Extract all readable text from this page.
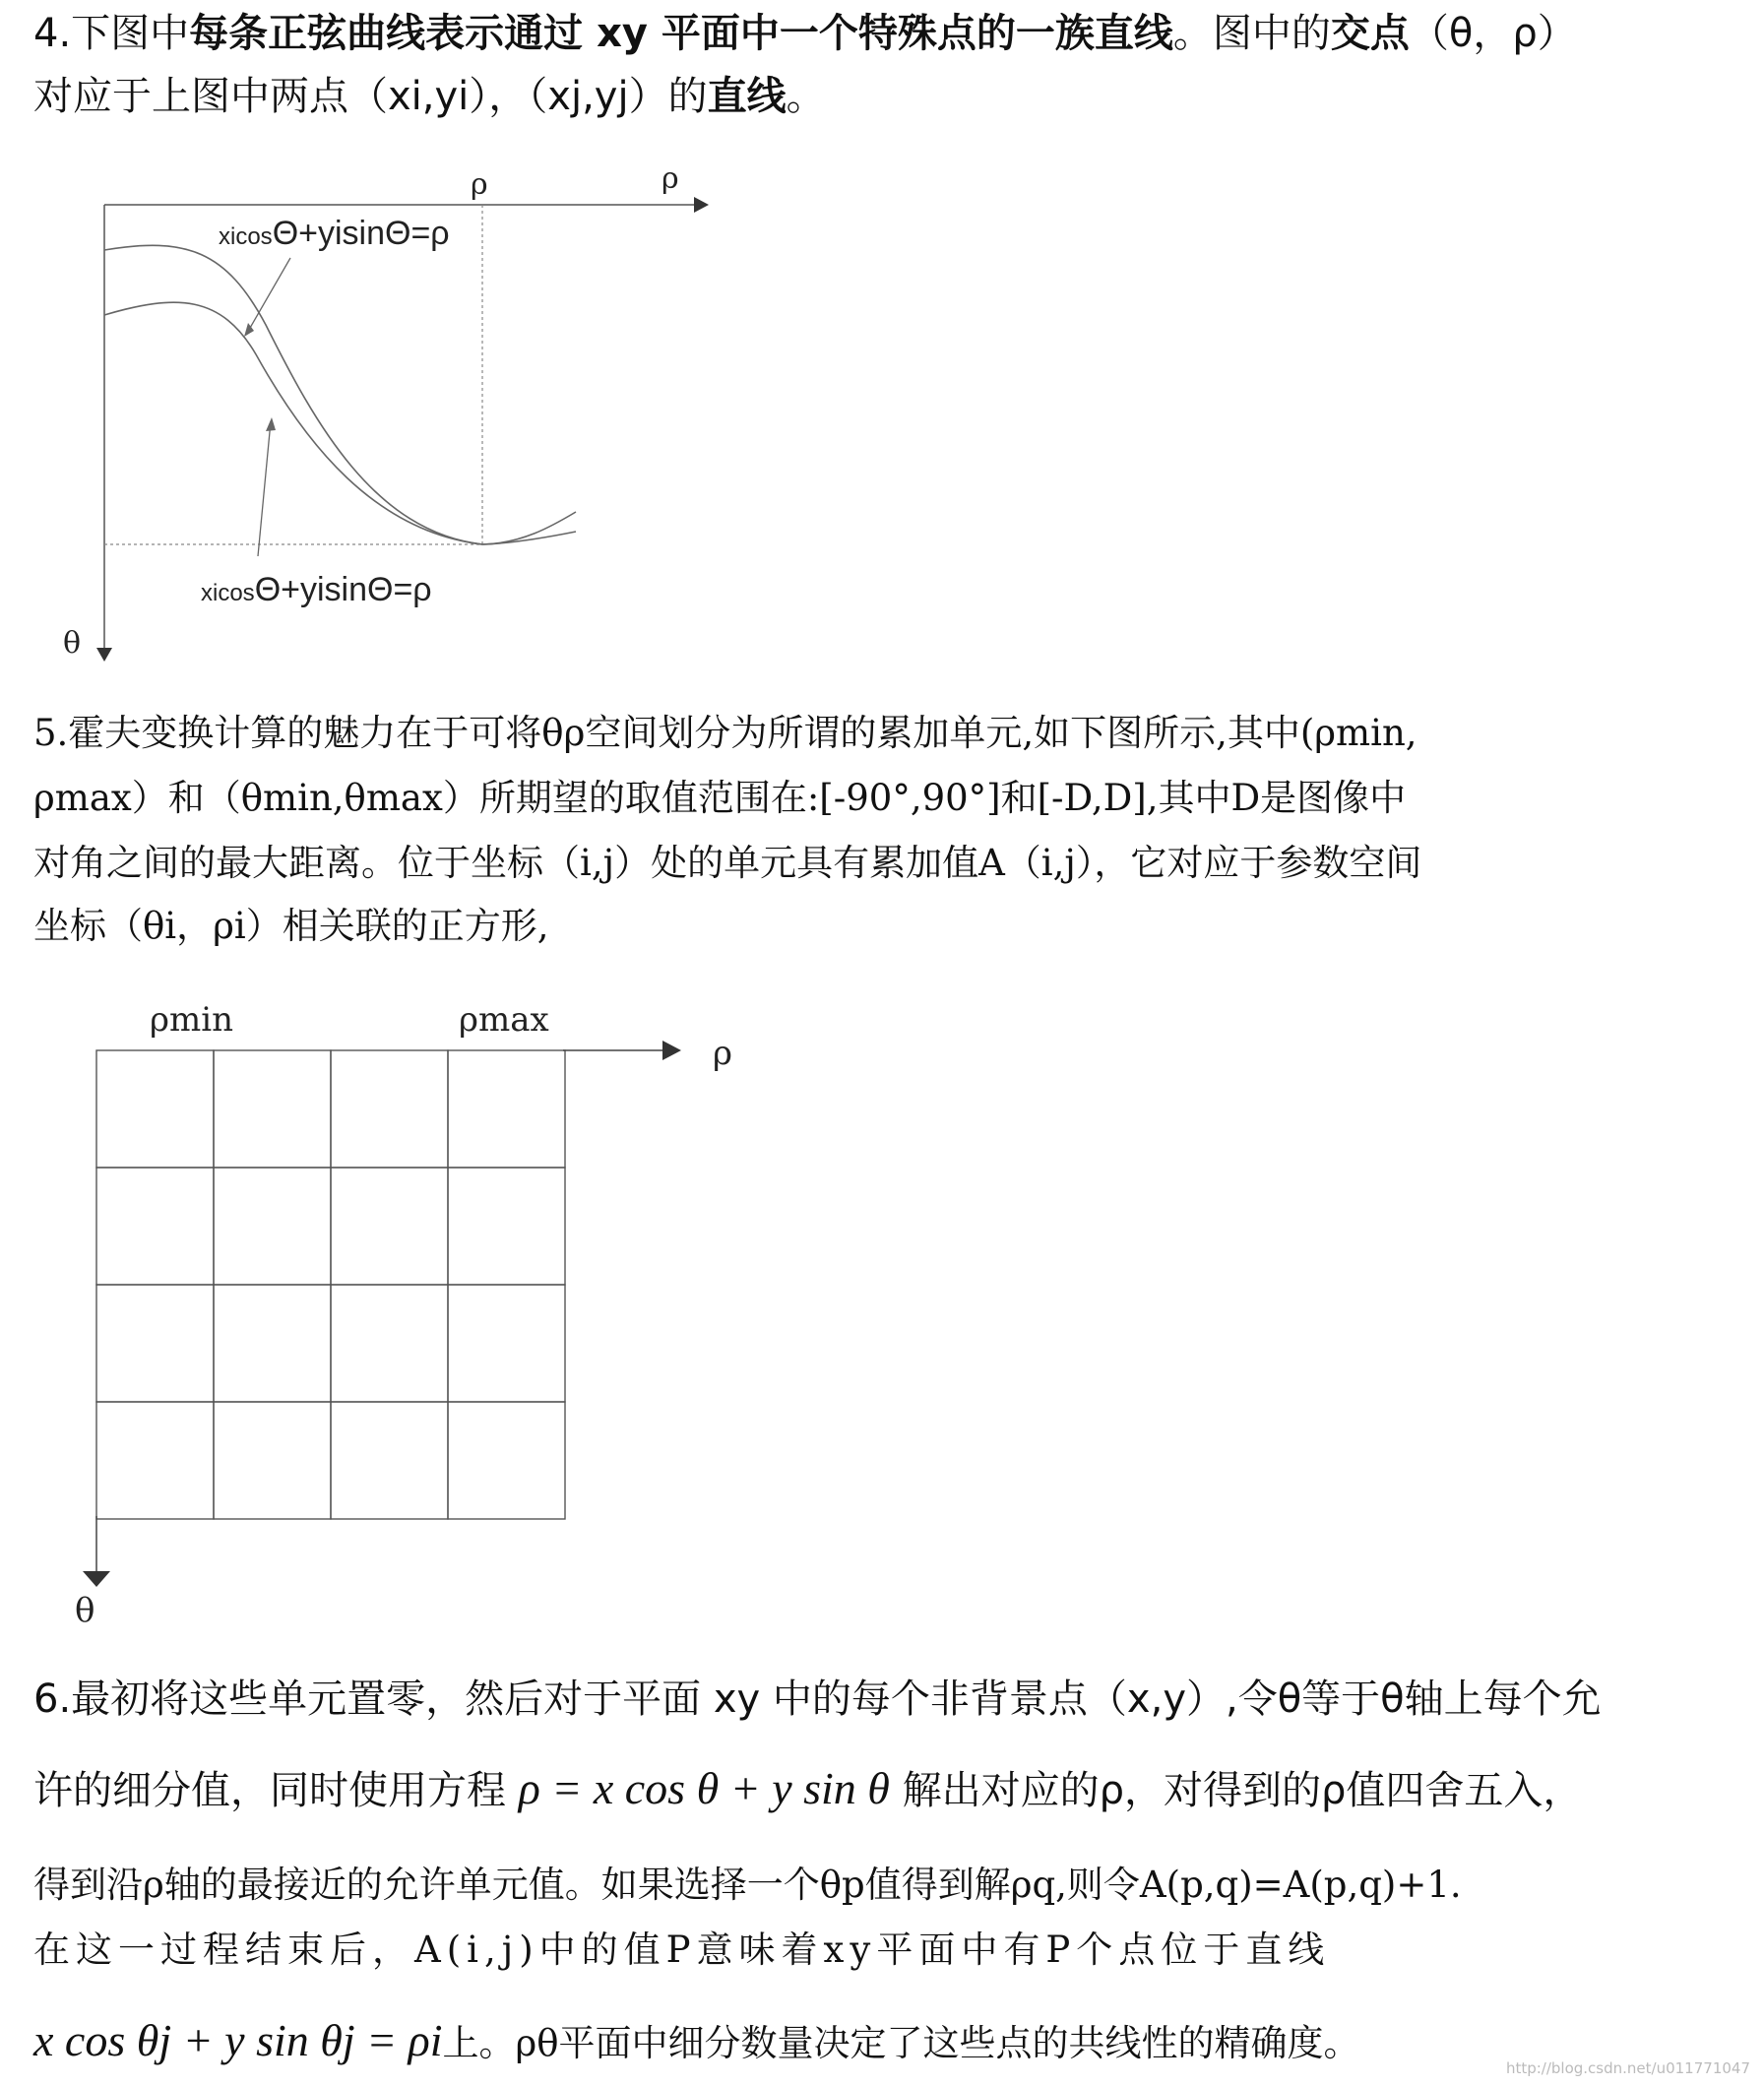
4.下图中每条正弦曲线表示通过 xy 平面中一个特殊点的一族直线。图中的交点（θ，ρ）
对应于上图中两点（xi,yi），（xj,yj）的直线。
ρ	ρ
θ
xicosΘ+yisinΘ=ρ
xicosΘ+yisinΘ=ρ
5.霍夫变换计算的魅力在于可将θρ空间划分为所谓的累加单元,如下图所示,其中(ρmin,
ρmax）和（θmin,θmax）所期望的取值范围在:[-90°,90°]和[-D,D],其中D是图像中
对角之间的最大距离。位于坐标（i,j）处的单元具有累加值A（i,j），它对应于参数空间
坐标（θi，ρi）相关联的正方形,
ρmin	ρmax
ρ
θ
6.最初将这些单元置零，然后对于平面 xy 中的每个非背景点（x,y）,令θ等于θ轴上每个允
许的细分值，同时使用方程 ρ = x cos θ + y sin θ 解出对应的ρ，对得到的ρ值四舍五入，
得到沿ρ轴的最接近的允许单元值。如果选择一个θp值得到解ρq,则令A(p,q)=A(p,q)+1.
在这一过程结束后，A(i,j)中的值P意味着xy平面中有P个点位于直线
x cos θj + y sin θj = ρi上。ρθ平面中细分数量决定了这些点的共线性的精确度。
http://blog.csdn.net/u011771047
